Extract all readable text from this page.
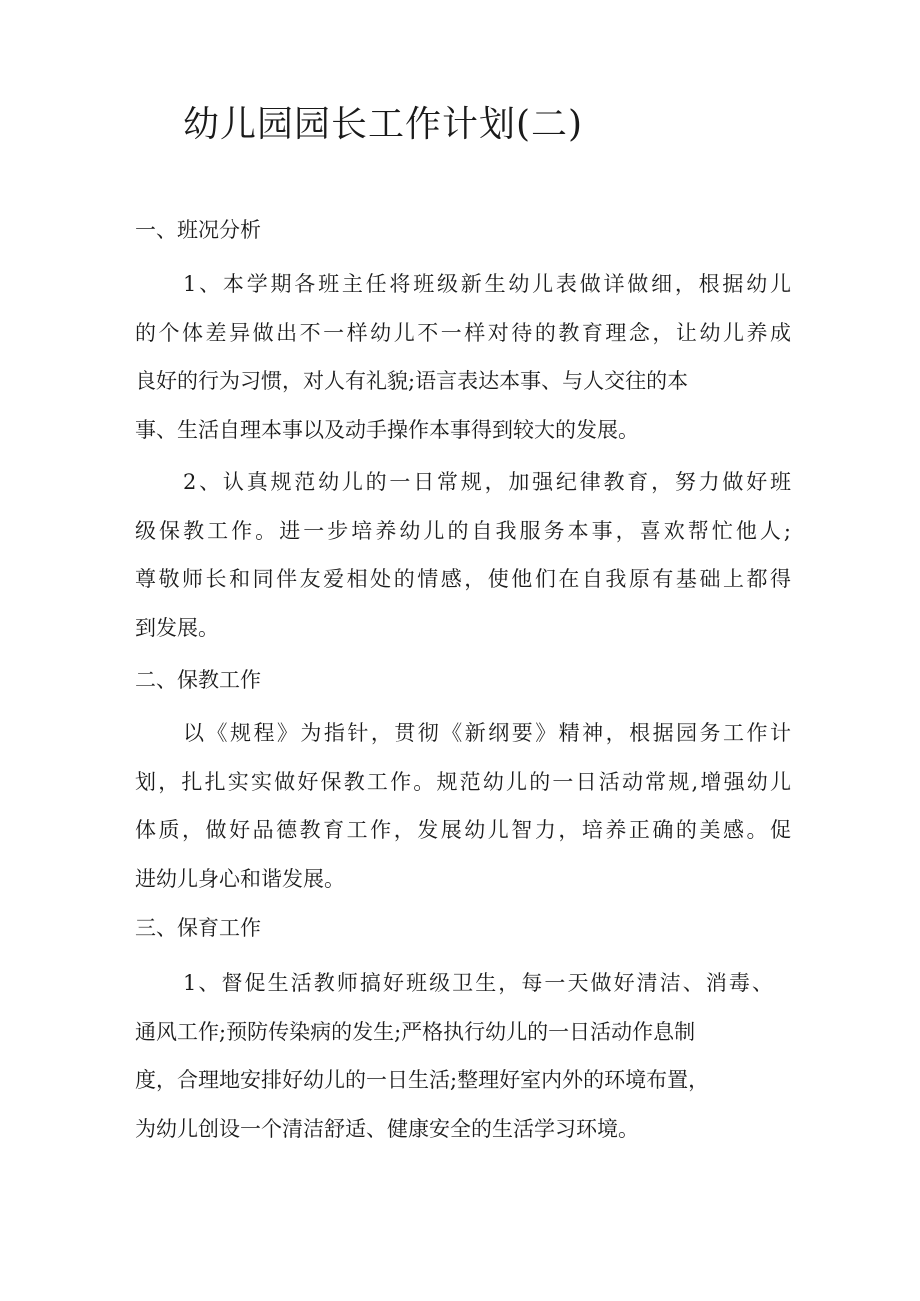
幼儿园园长工作计划(二)
一、班况分析
1、本学期各班主任将班级新生幼儿表做详做细，根据幼儿
的个体差异做出不一样幼儿不一样对待的教育理念，让幼儿养成
良好的行为习惯，对人有礼貌;语言表达本事、与人交往的本
事、生活自理本事以及动手操作本事得到较大的发展。
2、认真规范幼儿的一日常规，加强纪律教育，努力做好班
级保教工作。进一步培养幼儿的自我服务本事，喜欢帮忙他人;
尊敬师长和同伴友爱相处的情感，使他们在自我原有基础上都得
到发展。
二、保教工作
以《规程》为指针，贯彻《新纲要》精神，根据园务工作计
划，扎扎实实做好保教工作。规范幼儿的一日活动常规,增强幼儿
体质，做好品德教育工作，发展幼儿智力，培养正确的美感。促
进幼儿身心和谐发展。
三、保育工作
1、督促生活教师搞好班级卫生，每一天做好清洁、消毒、
通风工作;预防传染病的发生;严格执行幼儿的一日活动作息制
度，合理地安排好幼儿的一日生活;整理好室内外的环境布置，
为幼儿创设一个清洁舒适、健康安全的生活学习环境。
